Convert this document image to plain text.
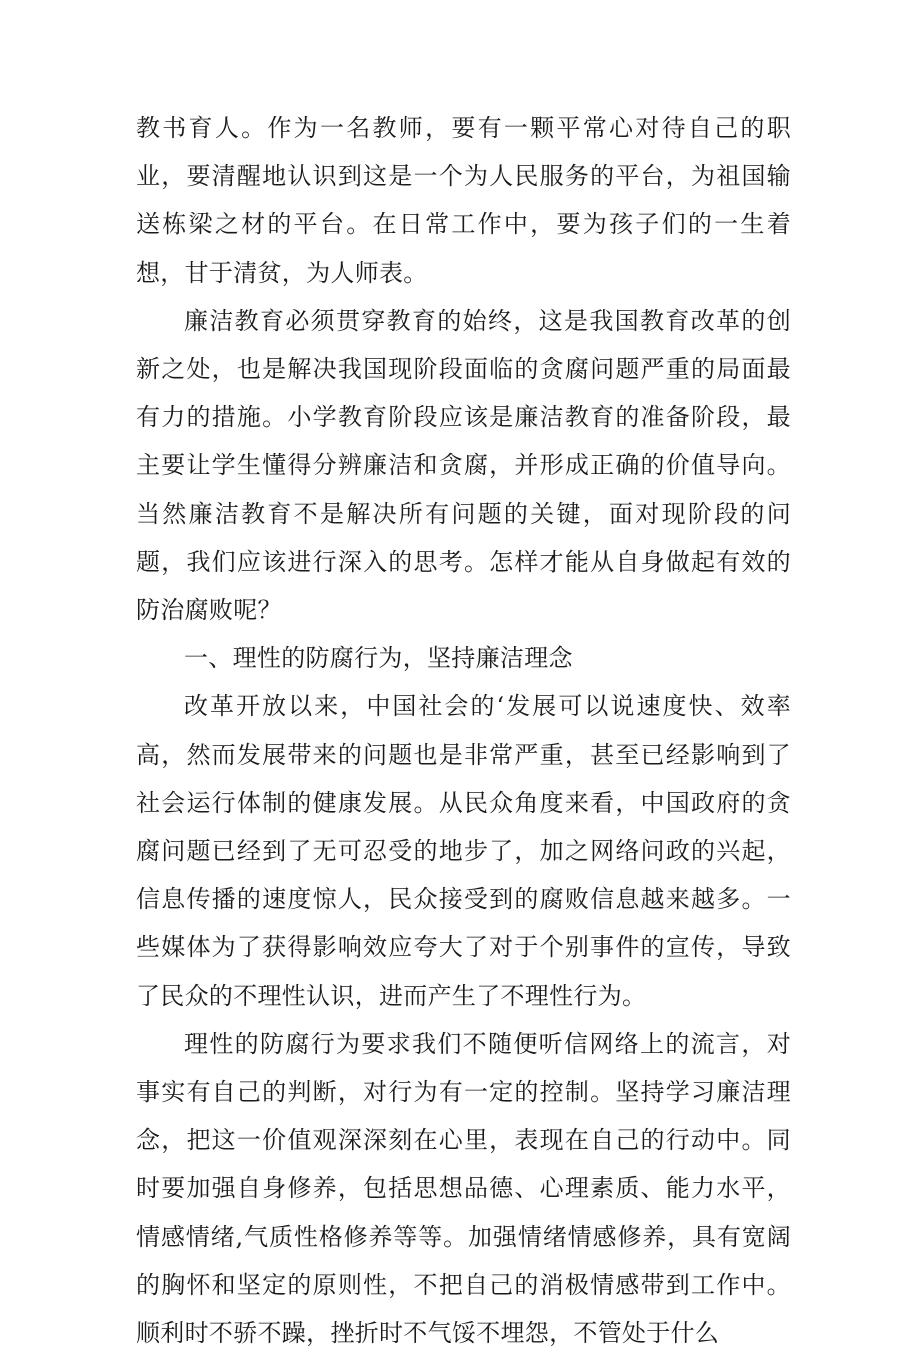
教书育人。作为一名教师，要有一颗平常心对待自己的职业，要清醒地认识到这是一个为人民服务的平台，为祖国输送栋梁之材的平台。在日常工作中，要为孩子们的一生着想，甘于清贫，为人师表。

廉洁教育必须贯穿教育的始终，这是我国教育改革的创新之处，也是解决我国现阶段面临的贪腐问题严重的局面最有力的措施。小学教育阶段应该是廉洁教育的准备阶段，最主要让学生懂得分辨廉洁和贪腐，并形成正确的价值导向。当然廉洁教育不是解决所有问题的关键，面对现阶段的问题，我们应该进行深入的思考。怎样才能从自身做起有效的防治腐败呢？

一、理性的防腐行为，坚持廉洁理念

改革开放以来，中国社会的‘发展可以说速度快、效率高，然而发展带来的问题也是非常严重，甚至已经影响到了社会运行体制的健康发展。从民众角度来看，中国政府的贪腐问题已经到了无可忍受的地步了，加之网络问政的兴起，信息传播的速度惊人，民众接受到的腐败信息越来越多。一些媒体为了获得影响效应夸大了对于个别事件的宣传，导致了民众的不理性认识，进而产生了不理性行为。

理性的防腐行为要求我们不随便听信网络上的流言，对事实有自己的判断，对行为有一定的控制。坚持学习廉洁理念，把这一价值观深深刻在心里，表现在自己的行动中。同时要加强自身修养，包括思想品德、心理素质、能力水平，情感情绪,气质性格修养等等。加强情绪情感修养，具有宽阔的胸怀和坚定的原则性，不把自己的消极情感带到工作中。顺利时不骄不躁，挫折时不气馁不埋怨，不管处于什么
